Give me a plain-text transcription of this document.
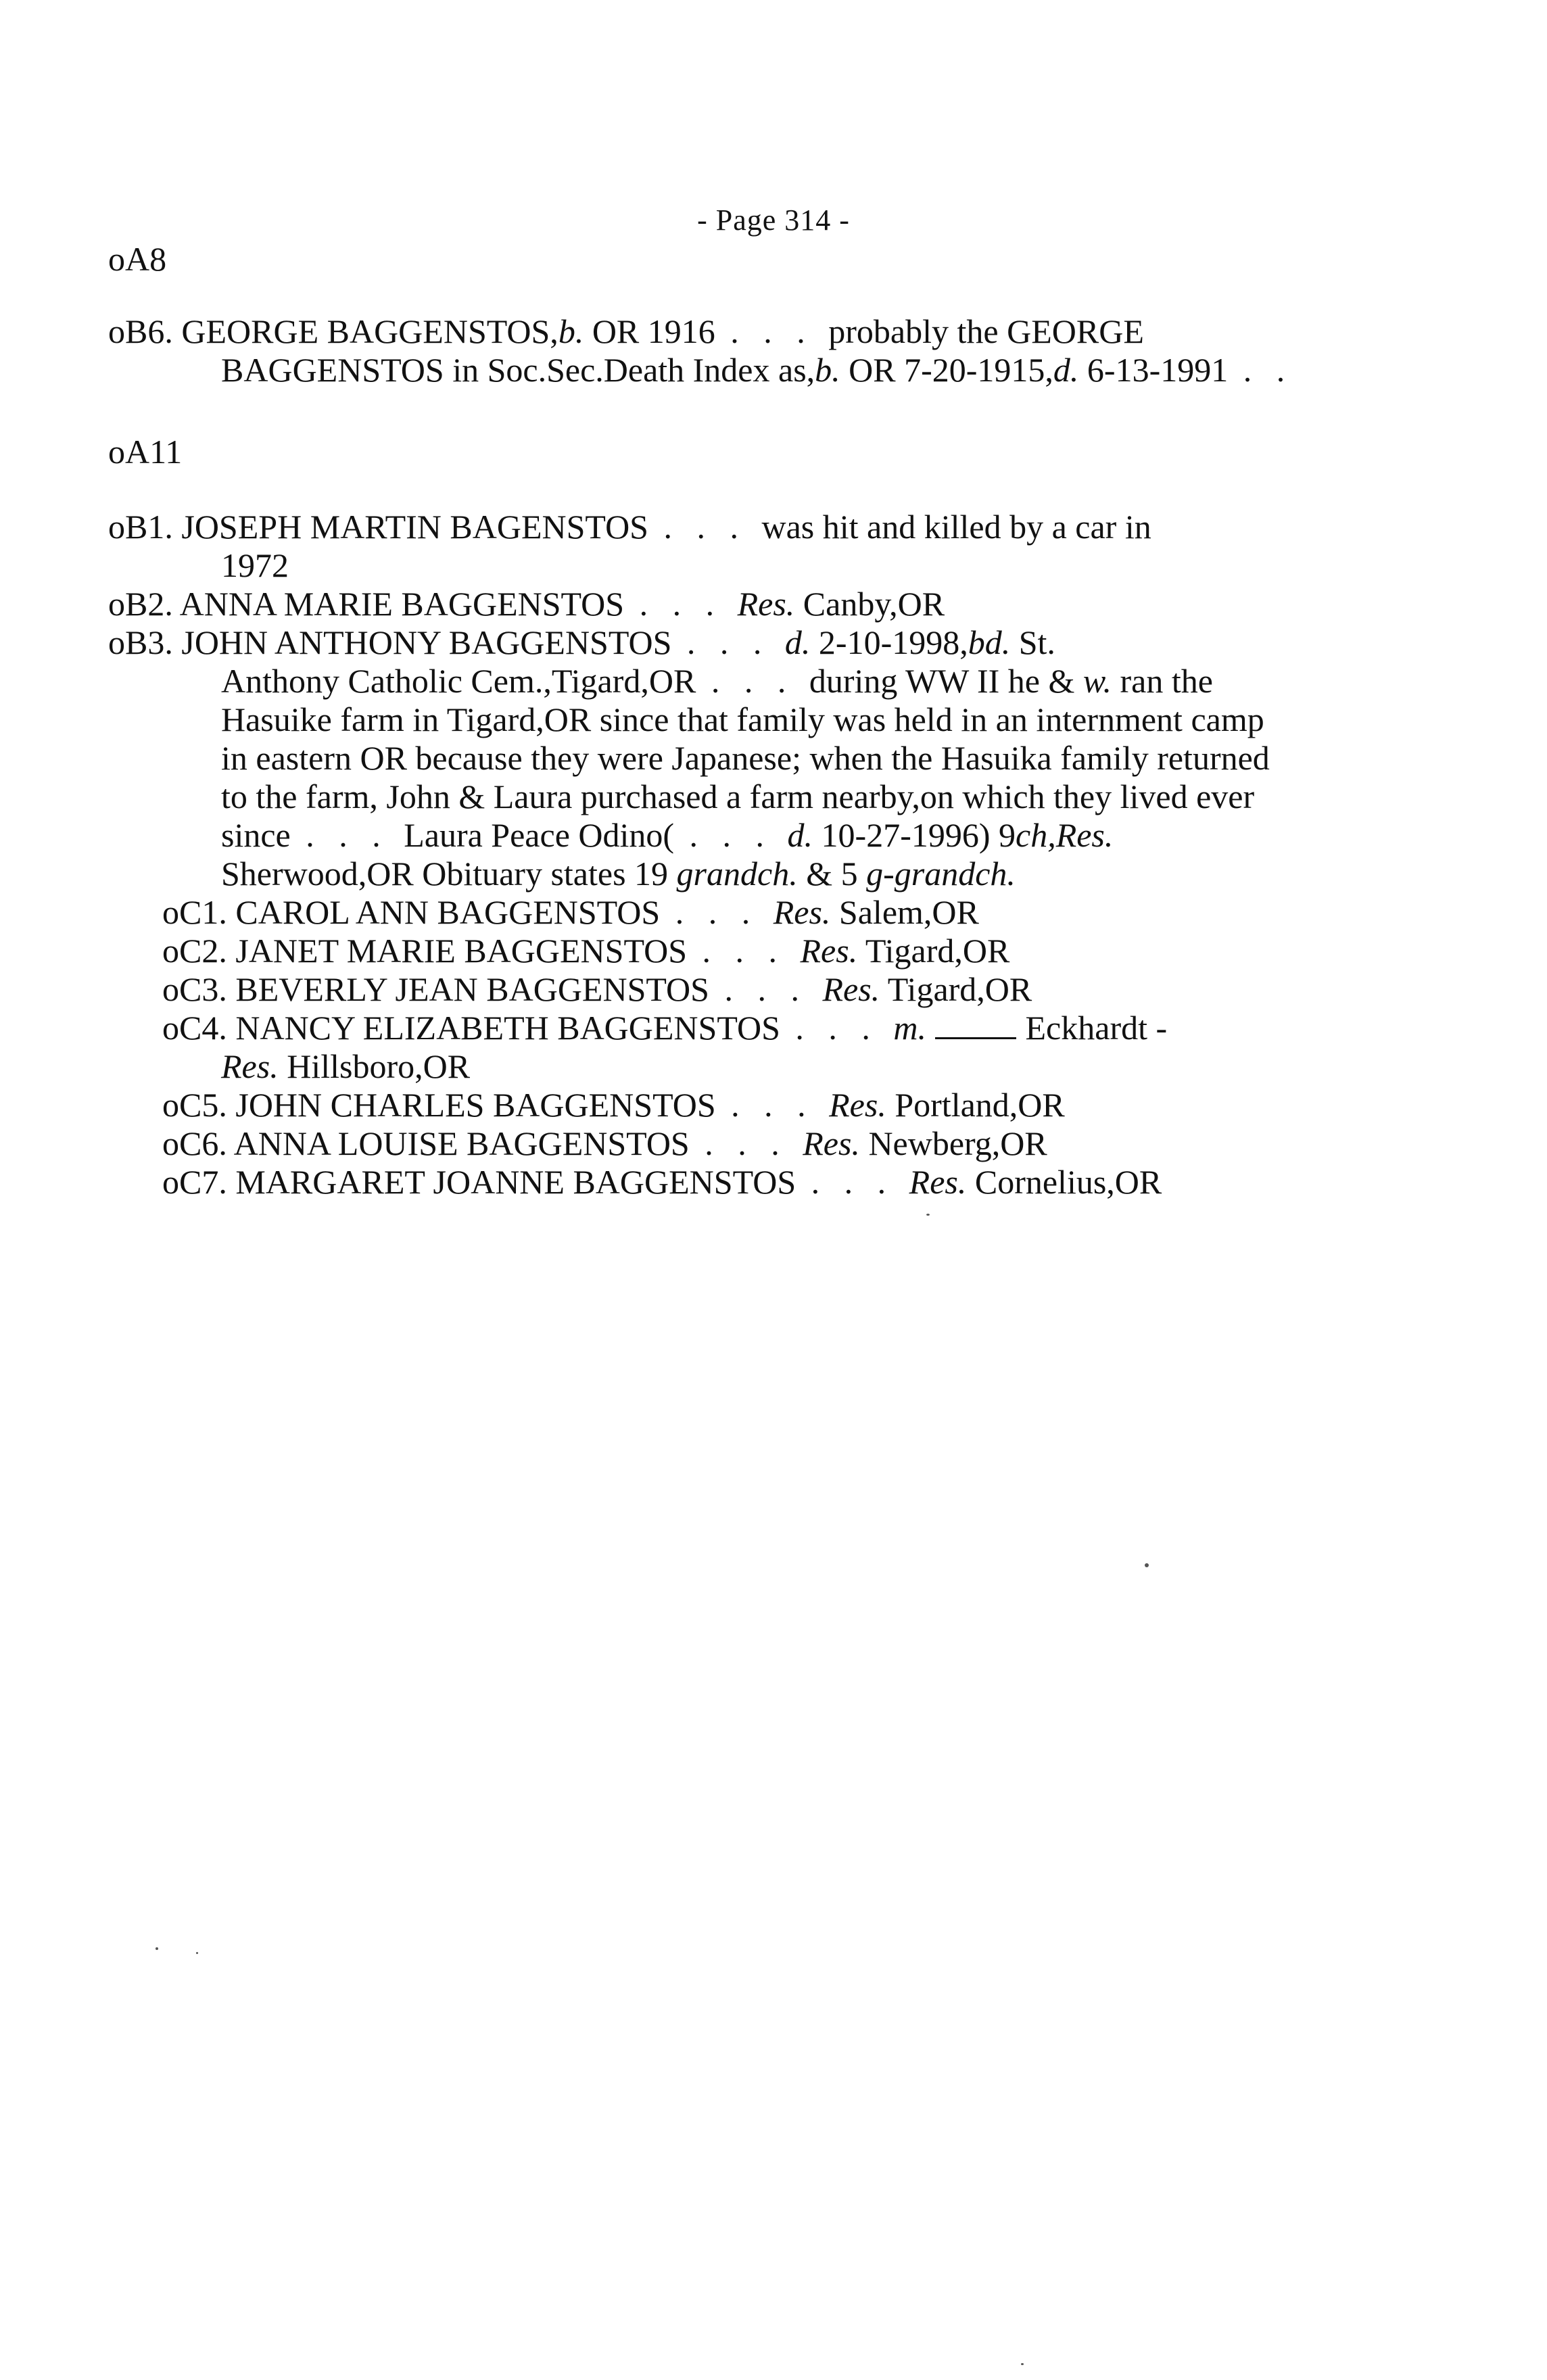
- Page 314 -
oA8
oB6. GEORGE BAGGENSTOS,b. OR 1916 . . . probably the GEORGE
BAGGENSTOS in Soc.Sec.Death Index as,b. OR 7-20-1915,d. 6-13-1991 . .
oA11
oB1. JOSEPH MARTIN BAGENSTOS . . . was hit and killed by a car in
1972
oB2. ANNA MARIE BAGGENSTOS . . . Res. Canby,OR
oB3. JOHN ANTHONY BAGGENSTOS . . . d. 2-10-1998,bd. St.
Anthony Catholic Cem.,Tigard,OR . . . during WW II he & w. ran the
Hasuike farm in Tigard,OR since that family was held in an internment camp
in eastern OR because they were Japanese; when the Hasuika family returned
to the farm, John & Laura purchased a farm nearby,on which they lived ever
since . . . Laura Peace Odino( . . . d. 10-27-1996) 9ch,Res.
Sherwood,OR Obituary states 19 grandch. & 5 g-grandch.
oC1. CAROL ANN BAGGENSTOS . . . Res. Salem,OR
oC2. JANET MARIE BAGGENSTOS . . . Res. Tigard,OR
oC3. BEVERLY JEAN BAGGENSTOS . . . Res. Tigard,OR
oC4. NANCY ELIZABETH BAGGENSTOS . . . m.	Eckhardt -
Res. Hillsboro,OR
oC5. JOHN CHARLES BAGGENSTOS . . . Res. Portland,OR
oC6. ANNA LOUISE BAGGENSTOS . . . Res. Newberg,OR
oC7. MARGARET JOANNE BAGGENSTOS . . . Res. Cornelius,OR
